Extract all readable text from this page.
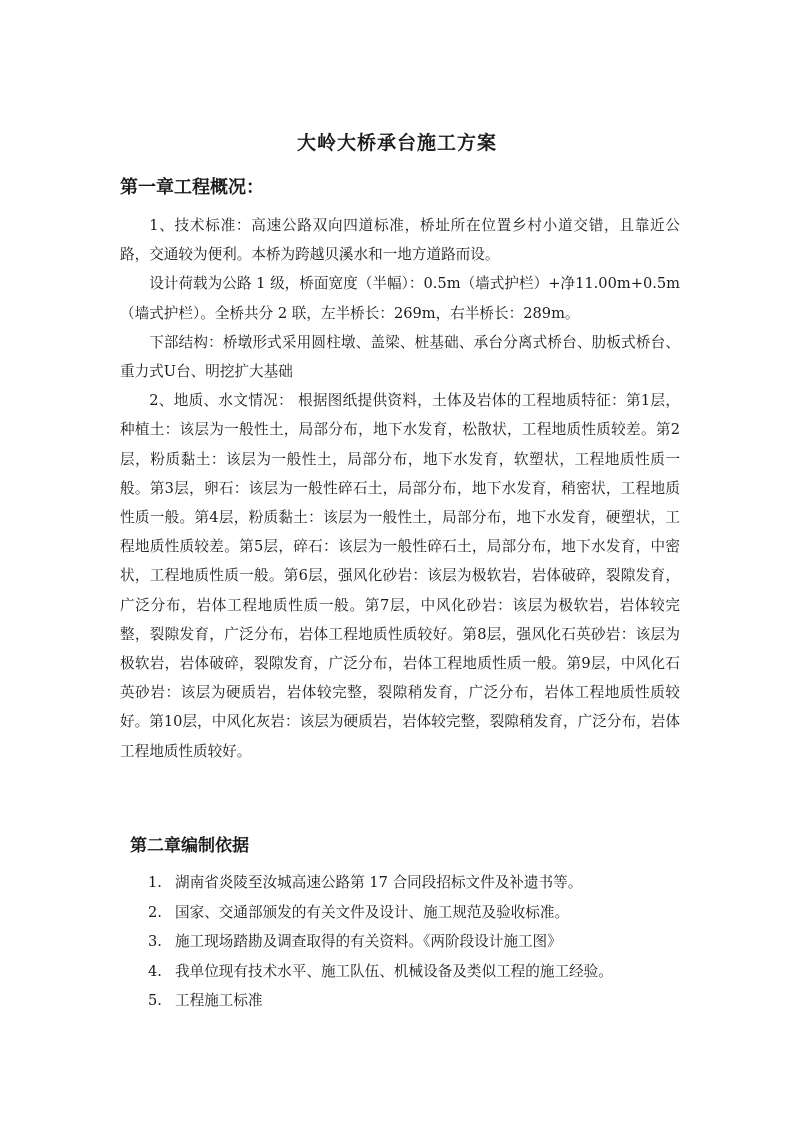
大岭大桥承台施工方案
第一章工程概况：

1、技术标准：高速公路双向四道标准，桥址所在位置乡村小道交错，且靠近公路，交通较为便利。本桥为跨越贝溪水和一地方道路而设。

设计荷载为公路 1 级，桥面宽度（半幅）：0.5m（墙式护栏）+净11.00m+0.5m（墙式护栏）。全桥共分 2 联，左半桥长：269m，右半桥长：289m。

下部结构：桥墩形式采用圆柱墩、盖梁、桩基础、承台分离式桥台、肋板式桥台、重力式U台、明挖扩大基础

2、地质、水文情况： 根据图纸提供资料，土体及岩体的工程地质特征：第1层，种植土：该层为一般性土，局部分布，地下水发育，松散状，工程地质性质较差。第2层，粉质黏土：该层为一般性土，局部分布，地下水发育，软塑状，工程地质性质一般。第3层，卵石：该层为一般性碎石土，局部分布，地下水发育，稍密状，工程地质性质一般。第4层，粉质黏土：该层为一般性土，局部分布，地下水发育，硬塑状，工程地质性质较差。第5层，碎石：该层为一般性碎石土，局部分布，地下水发育，中密状，工程地质性质一般。第6层，强风化砂岩：该层为极软岩，岩体破碎，裂隙发育，广泛分布，岩体工程地质性质一般。第7层，中风化砂岩：该层为极软岩，岩体较完整，裂隙发育，广泛分布，岩体工程地质性质较好。第8层，强风化石英砂岩：该层为极软岩，岩体破碎，裂隙发育，广泛分布，岩体工程地质性质一般。第9层，中风化石英砂岩：该层为硬质岩，岩体较完整，裂隙稍发育，广泛分布，岩体工程地质性质较好。第10层，中风化灰岩：该层为硬质岩，岩体较完整，裂隙稍发育，广泛分布，岩体工程地质性质较好。

第二章编制依据
1. 湖南省炎陵至汝城高速公路第 17 合同段招标文件及补遗书等。
2. 国家、交通部颁发的有关文件及设计、施工规范及验收标准。
3. 施工现场踏勘及调查取得的有关资料。《两阶段设计施工图》
4. 我单位现有技术水平、施工队伍、机械设备及类似工程的施工经验。
5. 工程施工标准
